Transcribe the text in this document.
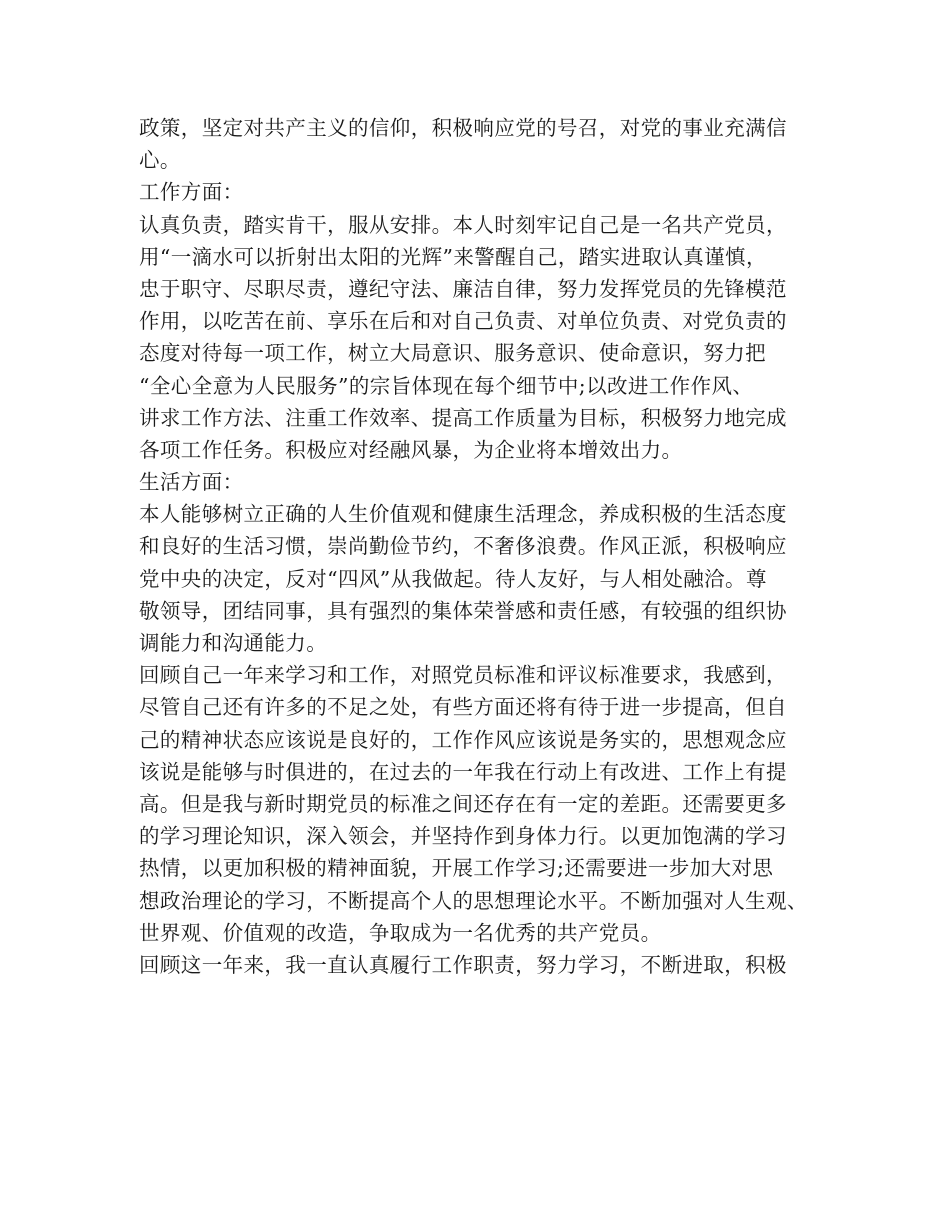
政策，坚定对共产主义的信仰，积极响应党的号召，对党的事业充满信
心。
工作方面：
认真负责，踏实肯干，服从安排。本人时刻牢记自己是一名共产党员，
用“一滴水可以折射出太阳的光辉”来警醒自己，踏实进取认真谨慎，
忠于职守、尽职尽责，遵纪守法、廉洁自律，努力发挥党员的先锋模范
作用，以吃苦在前、享乐在后和对自己负责、对单位负责、对党负责的
态度对待每一项工作，树立大局意识、服务意识、使命意识，努力把
“全心全意为人民服务”的宗旨体现在每个细节中;以改进工作作风、
讲求工作方法、注重工作效率、提高工作质量为目标，积极努力地完成
各项工作任务。积极应对经融风暴，为企业将本增效出力。
生活方面：
本人能够树立正确的人生价值观和健康生活理念，养成积极的生活态度
和良好的生活习惯，崇尚勤俭节约，不奢侈浪费。作风正派，积极响应
党中央的决定，反对“四风”从我做起。待人友好，与人相处融洽。尊
敬领导，团结同事，具有强烈的集体荣誉感和责任感，有较强的组织协
调能力和沟通能力。
回顾自己一年来学习和工作，对照党员标准和评议标准要求，我感到，
尽管自己还有许多的不足之处，有些方面还将有待于进一步提高，但自
己的精神状态应该说是良好的，工作作风应该说是务实的，思想观念应
该说是能够与时俱进的，在过去的一年我在行动上有改进、工作上有提
高。但是我与新时期党员的标准之间还存在有一定的差距。还需要更多
的学习理论知识，深入领会，并坚持作到身体力行。以更加饱满的学习
热情，以更加积极的精神面貌，开展工作学习;还需要进一步加大对思
想政治理论的学习，不断提高个人的思想理论水平。不断加强对人生观、
世界观、价值观的改造，争取成为一名优秀的共产党员。
回顾这一年来，我一直认真履行工作职责，努力学习，不断进取，积极
